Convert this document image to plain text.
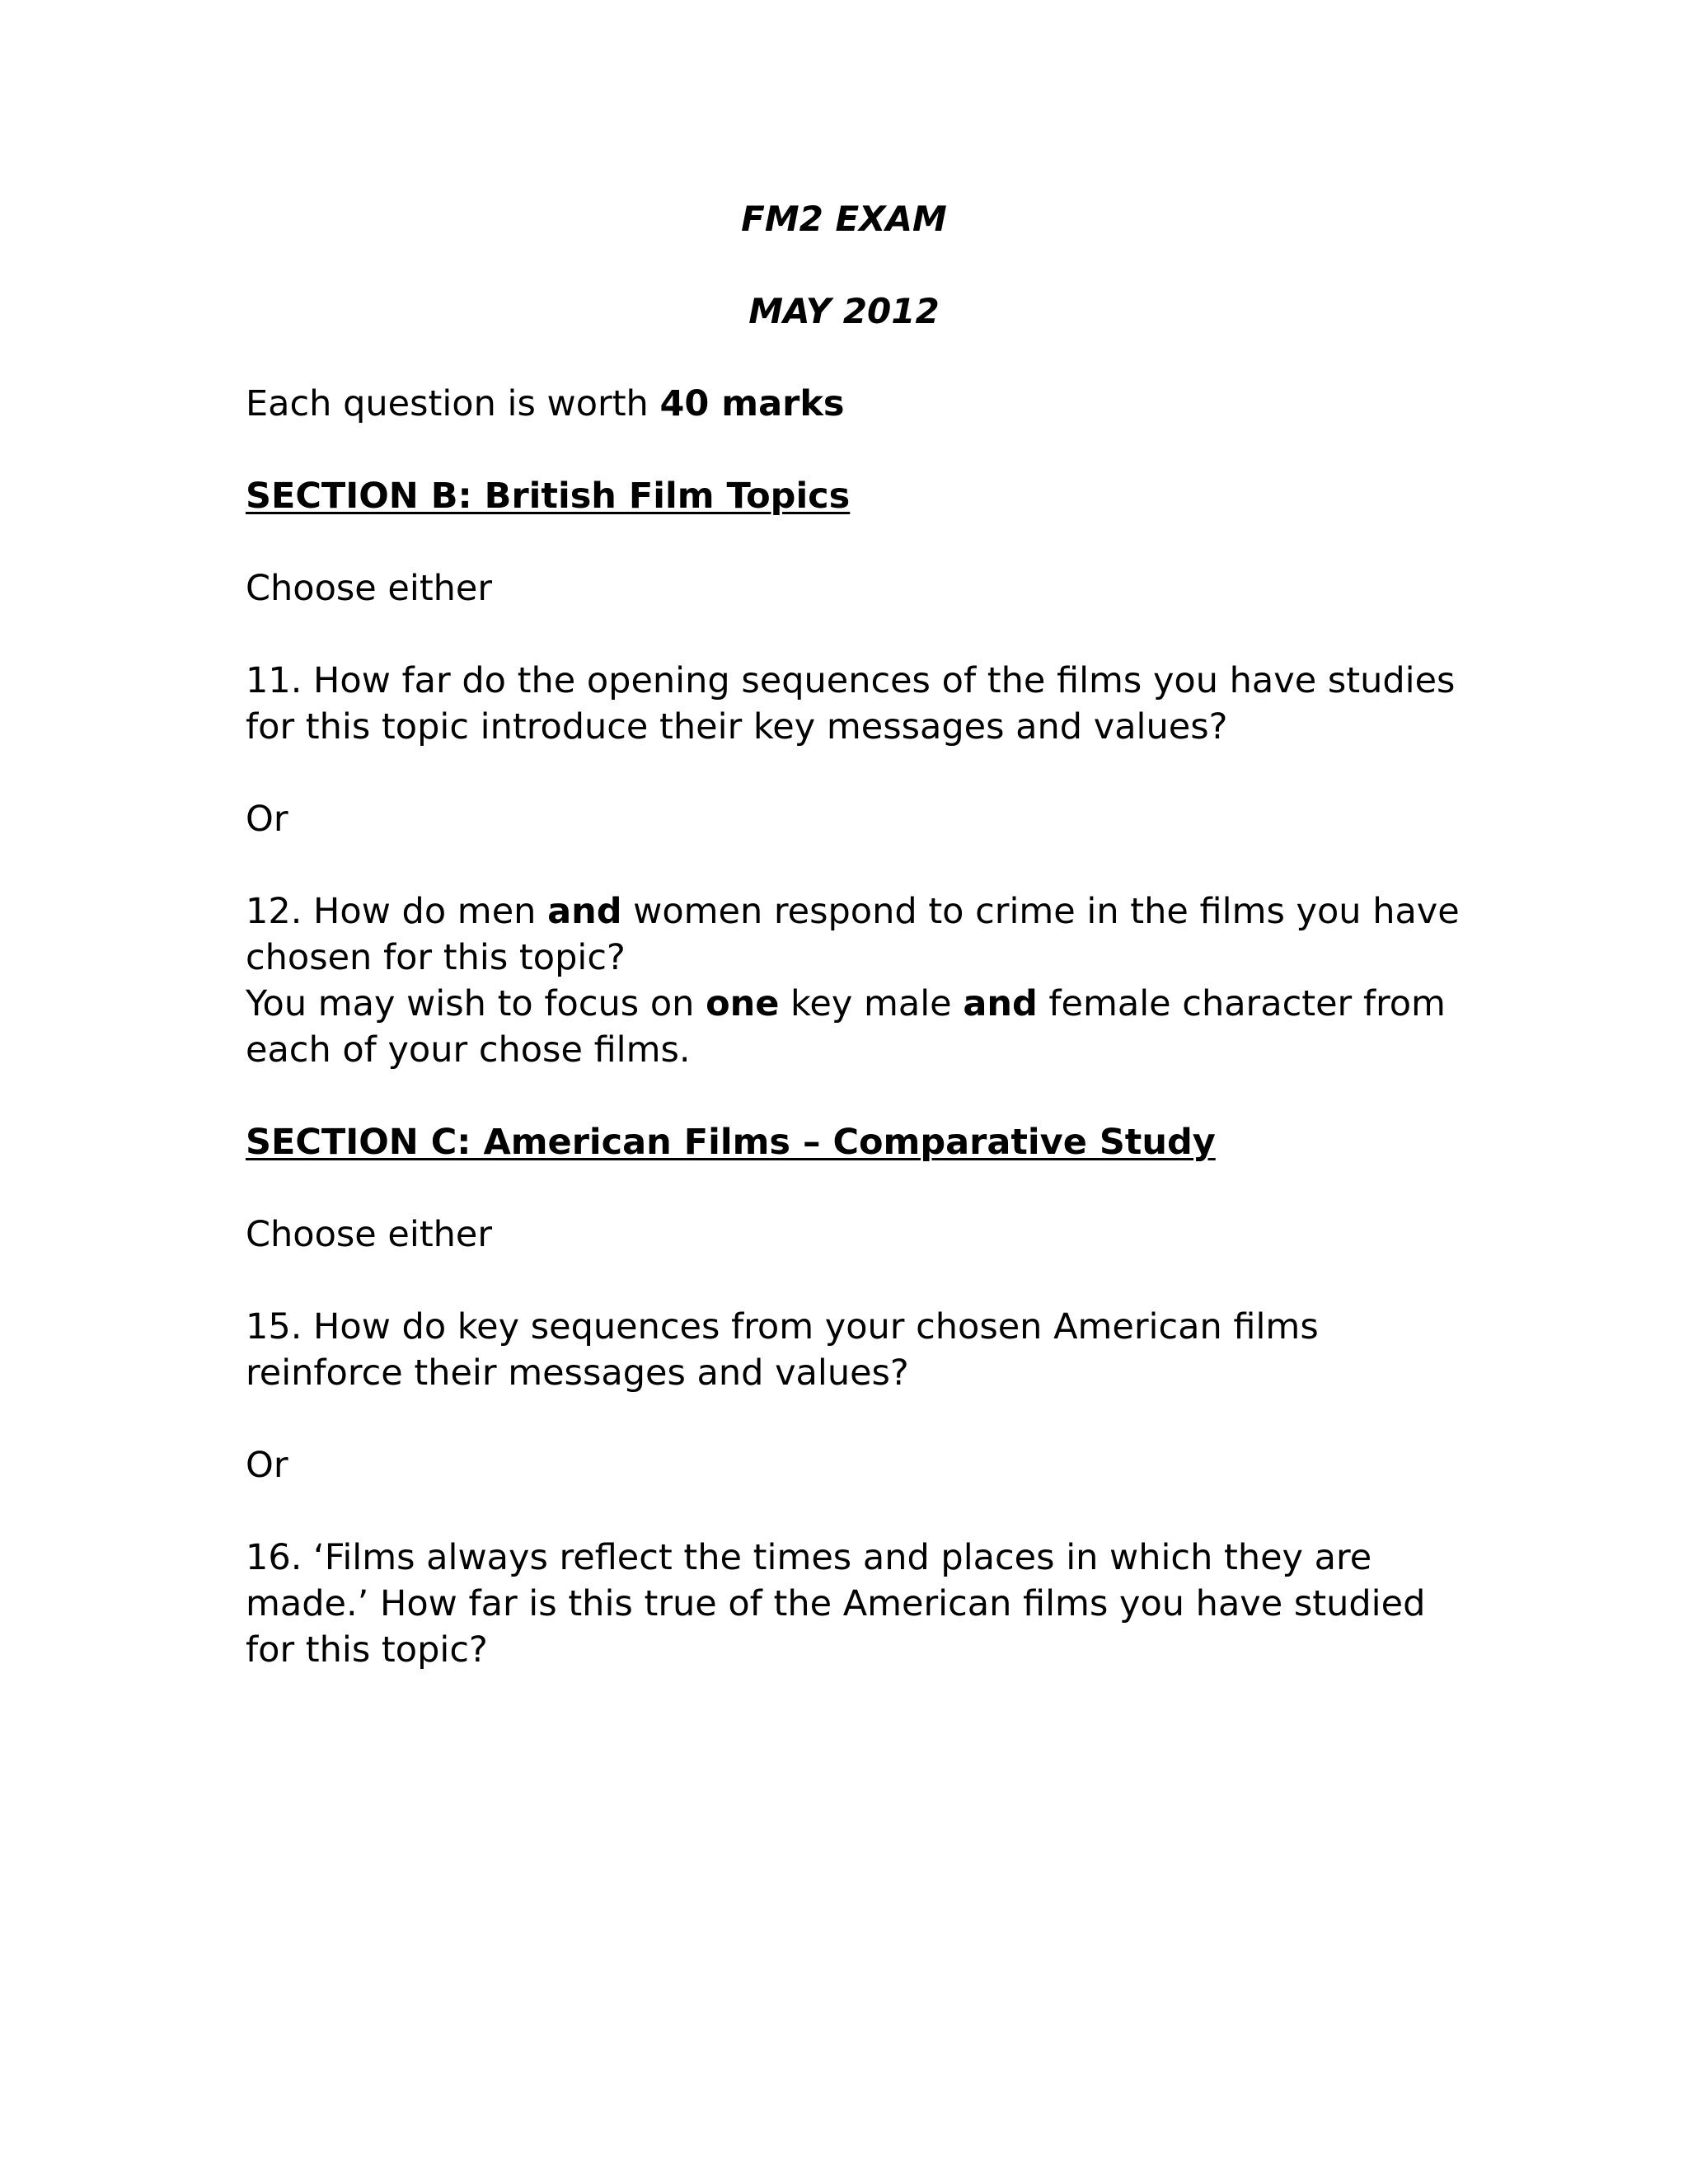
FM2 EXAM

MAY 2012

Each question is worth 40 marks

SECTION B: British Film Topics

Choose either

11. How far do the opening sequences of the films you have studies for this topic introduce their key messages and values?

Or

12. How do men and women respond to crime in the films you have chosen for this topic?

You may wish to focus on one key male and female character from each of your chose films.

SECTION C: American Films – Comparative Study

Choose either

15. How do key sequences from your chosen American films reinforce their messages and values?

Or

16. ‘Films always reflect the times and places in which they are made.’ How far is this true of the American films you have studied for this topic?
